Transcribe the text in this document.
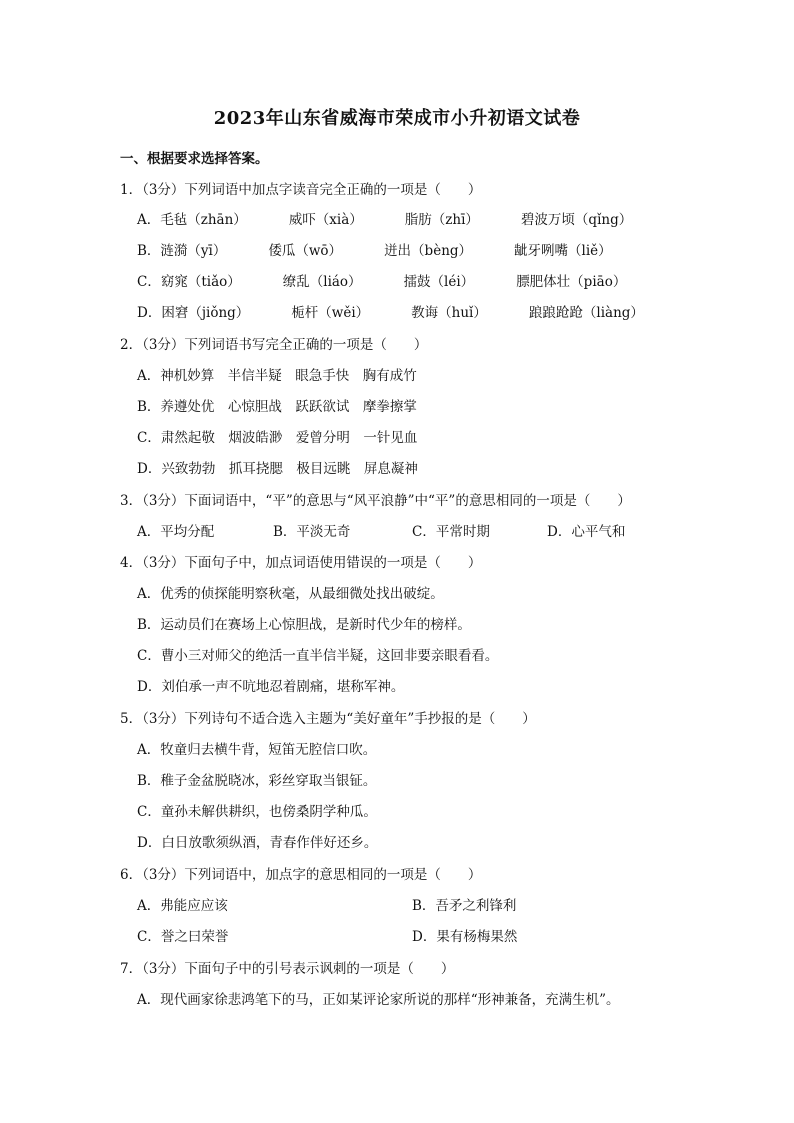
2023年山东省威海市荣成市小升初语文试卷
一、根据要求选择答案。
1．（3分）下列词语中加点字读音完全正确的一项是（　　）
A．毛毡（zhān）	威吓（xià）	脂肪（zhī）	碧波万顷（qǐng）
B．涟漪（yī）	倭瓜（wō）	迸出（bèng）	龇牙咧嘴（liě）
C．窈窕（tiǎo）	缭乱（liáo）	擂鼓（léi）	膘肥体壮（piāo）
D．困窘（jiǒng）	栀杆（wěi）	教诲（huǐ）	踉踉跄跄（liàng）
2．（3分）下列词语书写完全正确的一项是（　　）
A．神机妙算　半信半疑　眼急手快　胸有成竹
B．养遵处优　心惊胆战　跃跃欲试　摩拳擦掌
C．肃然起敬　烟波皓渺　爱曾分明　一针见血
D．兴致勃勃　抓耳挠腮　极目远眺　屏息凝神
3．（3分）下面词语中，“平”的意思与“风平浪静”中“平”的意思相同的一项是（　　）
A．平均分配	B．平淡无奇	C．平常时期	D．心平气和
4．（3分）下面句子中，加点词语使用错误的一项是（　　）
A．优秀的侦探能明察秋毫，从最细微处找出破绽。
B．运动员们在赛场上心惊胆战，是新时代少年的榜样。
C．曹小三对师父的绝活一直半信半疑，这回非要亲眼看看。
D．刘伯承一声不吭地忍着剧痛，堪称军神。
5．（3分）下列诗句不适合选入主题为“美好童年”手抄报的是（　　）
A．牧童归去横牛背，短笛无腔信口吹。
B．稚子金盆脱晓冰，彩丝穿取当银钲。
C．童孙未解供耕织，也傍桑阴学种瓜。
D．白日放歌须纵酒，青春作伴好还乡。
6．（3分）下列词语中，加点字的意思相同的一项是（　　）
A．弗能应应该	B．吾矛之利锋利
C．誉之曰荣誉	D．果有杨梅果然
7．（3分）下面句子中的引号表示讽刺的一项是（　　）
A．现代画家徐悲鸿笔下的马，正如某评论家所说的那样“形神兼备，充满生机”。
